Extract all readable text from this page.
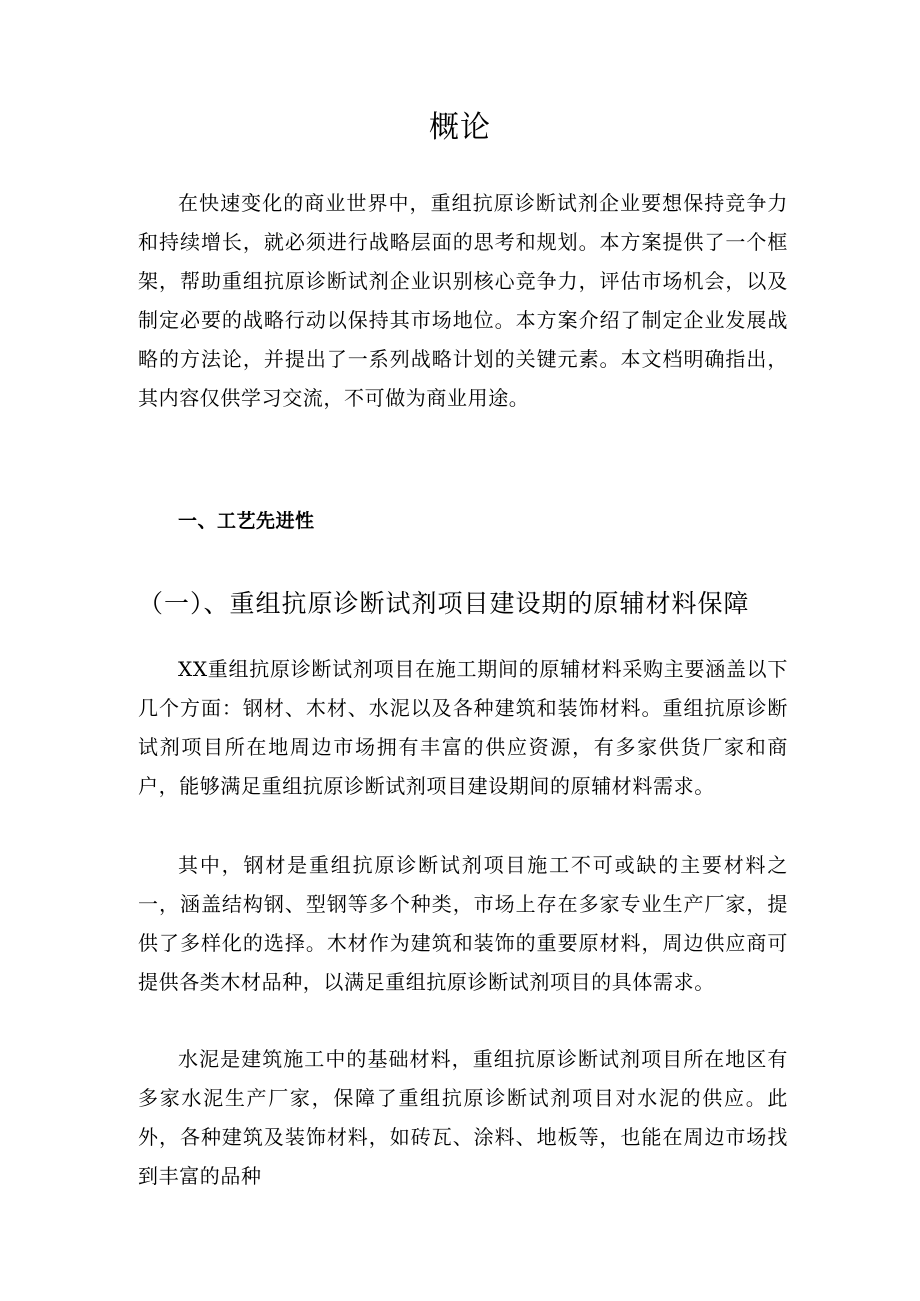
概论

在快速变化的商业世界中，重组抗原诊断试剂企业要想保持竞争力和持续增长，就必须进行战略层面的思考和规划。本方案提供了一个框架，帮助重组抗原诊断试剂企业识别核心竞争力，评估市场机会，以及制定必要的战略行动以保持其市场地位。本方案介绍了制定企业发展战略的方法论，并提出了一系列战略计划的关键元素。本文档明确指出，其内容仅供学习交流，不可做为商业用途。

一、工艺先进性
（一）、重组抗原诊断试剂项目建设期的原辅材料保障

XX重组抗原诊断试剂项目在施工期间的原辅材料采购主要涵盖以下几个方面：钢材、木材、水泥以及各种建筑和装饰材料。重组抗原诊断试剂项目所在地周边市场拥有丰富的供应资源，有多家供货厂家和商户，能够满足重组抗原诊断试剂项目建设期间的原辅材料需求。

其中，钢材是重组抗原诊断试剂项目施工不可或缺的主要材料之一，涵盖结构钢、型钢等多个种类，市场上存在多家专业生产厂家，提供了多样化的选择。木材作为建筑和装饰的重要原材料，周边供应商可提供各类木材品种，以满足重组抗原诊断试剂项目的具体需求。

水泥是建筑施工中的基础材料，重组抗原诊断试剂项目所在地区有多家水泥生产厂家，保障了重组抗原诊断试剂项目对水泥的供应。此外，各种建筑及装饰材料，如砖瓦、涂料、地板等，也能在周边市场找到丰富的品种
